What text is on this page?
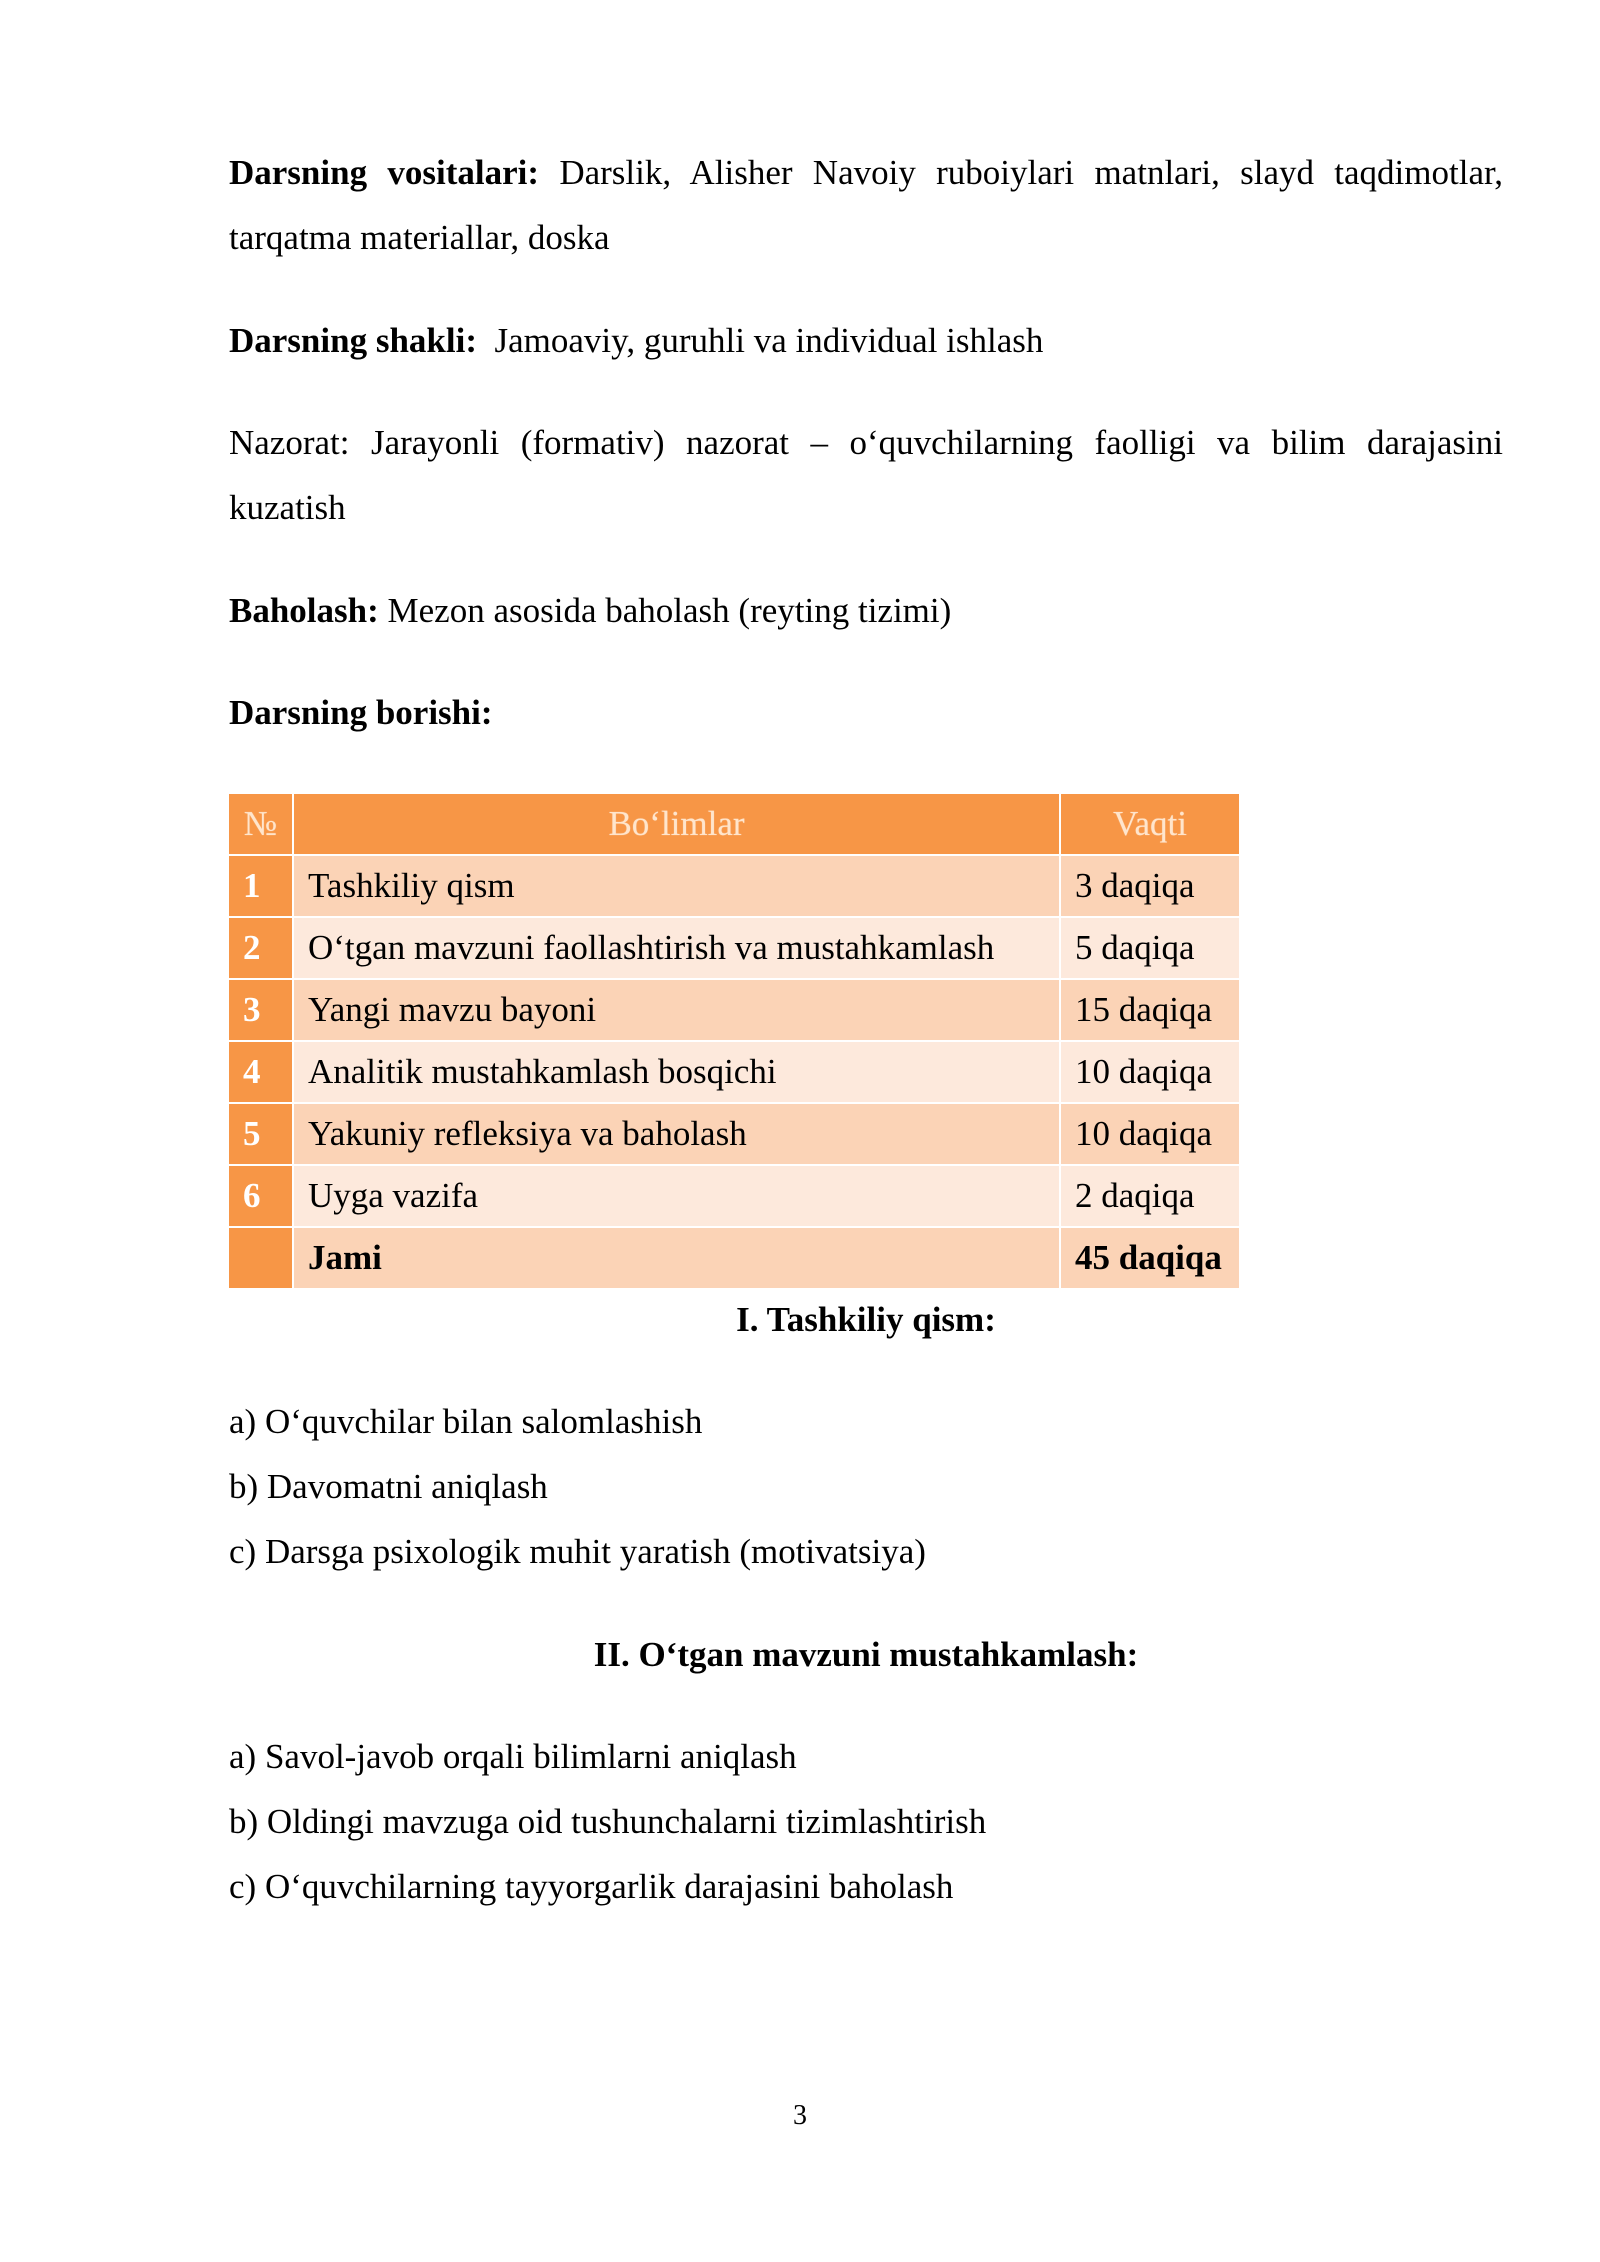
Darsning vositalari: Darslik, Alisher Navoiy ruboiylari matnlari, slayd taqdimotlar, tarqatma materiallar, doska

Darsning shakli:  Jamoaviy, guruhli va individual ishlash

Nazorat: Jarayonli (formativ) nazorat – o‘quvchilarning faolligi va bilim darajasini kuzatish

Baholash: Mezon asosida baholash (reyting tizimi)

Darsning borishi:

№	Bo‘limlar	Vaqti
1	Tashkiliy qism	3 daqiqa
2	O‘tgan mavzuni faollashtirish va mustahkamlash	5 daqiqa
3	Yangi mavzu bayoni	15 daqiqa
4	Analitik mustahkamlash bosqichi	10 daqiqa
5	Yakuniy refleksiya va baholash	10 daqiqa
6	Uyga vazifa	2 daqiqa
	Jami	45 daqiqa

I. Tashkiliy qism:

a) O‘quvchilar bilan salomlashish

b) Davomatni aniqlash

c) Darsga psixologik muhit yaratish (motivatsiya)

II. O‘tgan mavzuni mustahkamlash:

a) Savol-javob orqali bilimlarni aniqlash

b) Oldingi mavzuga oid tushunchalarni tizimlashtirish

c) O‘quvchilarning tayyorgarlik darajasini baholash

3
